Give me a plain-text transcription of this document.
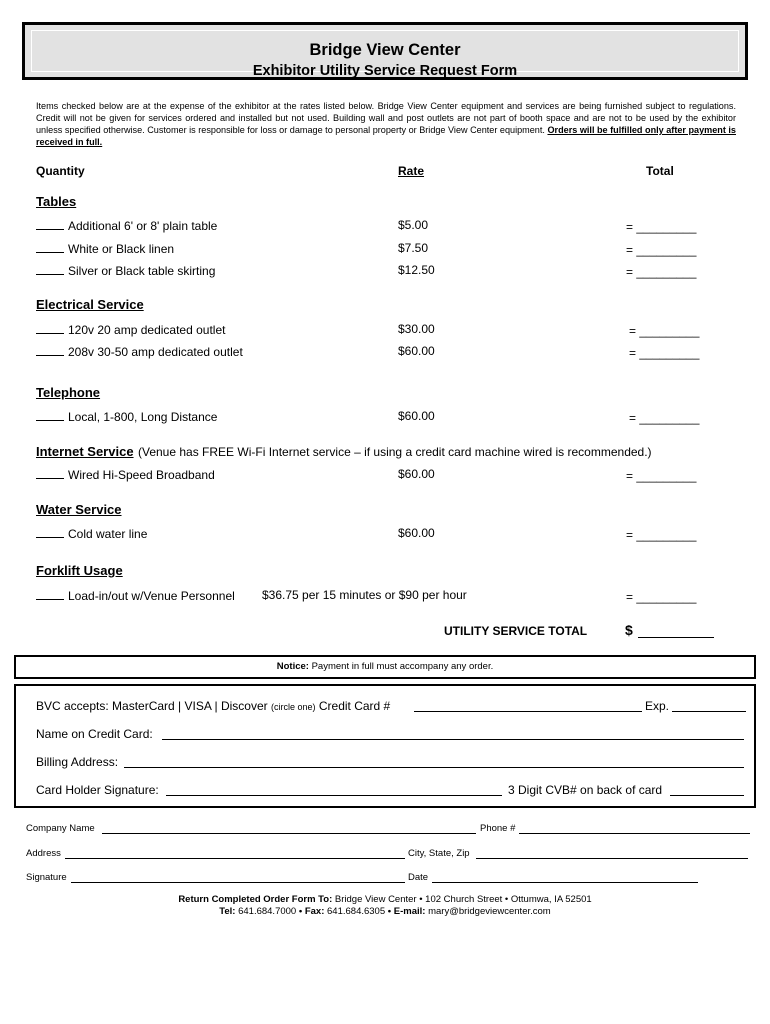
Bridge View Center
Exhibitor Utility Service Request Form
Items checked below are at the expense of the exhibitor at the rates listed below. Bridge View Center equipment and services are being furnished subject to regulations. Credit will not be given for services ordered and installed but not used. Building wall and post outlets are not part of booth space and are not to be used by the exhibitor unless specified otherwise. Customer is responsible for loss or damage to personal property or Bridge View Center equipment. Orders will be fulfilled only after payment is received in full.
Quantity	Rate	Total
Tables
Additional 6' or 8' plain table	$5.00	= _________
White or Black linen	$7.50	= _________
Silver or Black table skirting	$12.50	= _________
Electrical Service
120v 20 amp dedicated outlet	$30.00	= _________
208v 30-50 amp dedicated outlet	$60.00	= _________
Telephone
Local, 1-800, Long Distance	$60.00	= _________
Internet Service (Venue has FREE Wi-Fi Internet service – if using a credit card machine wired is recommended.)
Wired Hi-Speed Broadband	$60.00	= _________
Water Service
Cold water line	$60.00	= _________
Forklift Usage
Load-in/out w/Venue Personnel $36.75 per 15 minutes or $90 per hour	= _________
UTILITY SERVICE TOTAL	$
Notice: Payment in full must accompany any order.
BVC accepts: MasterCard | VISA | Discover (circle one) Credit Card #	Exp.
Name on Credit Card:
Billing Address:
Card Holder Signature:	3 Digit CVB# on back of card
Company Name	Phone #
Address	City, State, Zip
Signature	Date
Return Completed Order Form To: Bridge View Center • 102 Church Street • Ottumwa, IA 52501
Tel: 641.684.7000 • Fax: 641.684.6305 • E-mail: mary@bridgeviewcenter.com
